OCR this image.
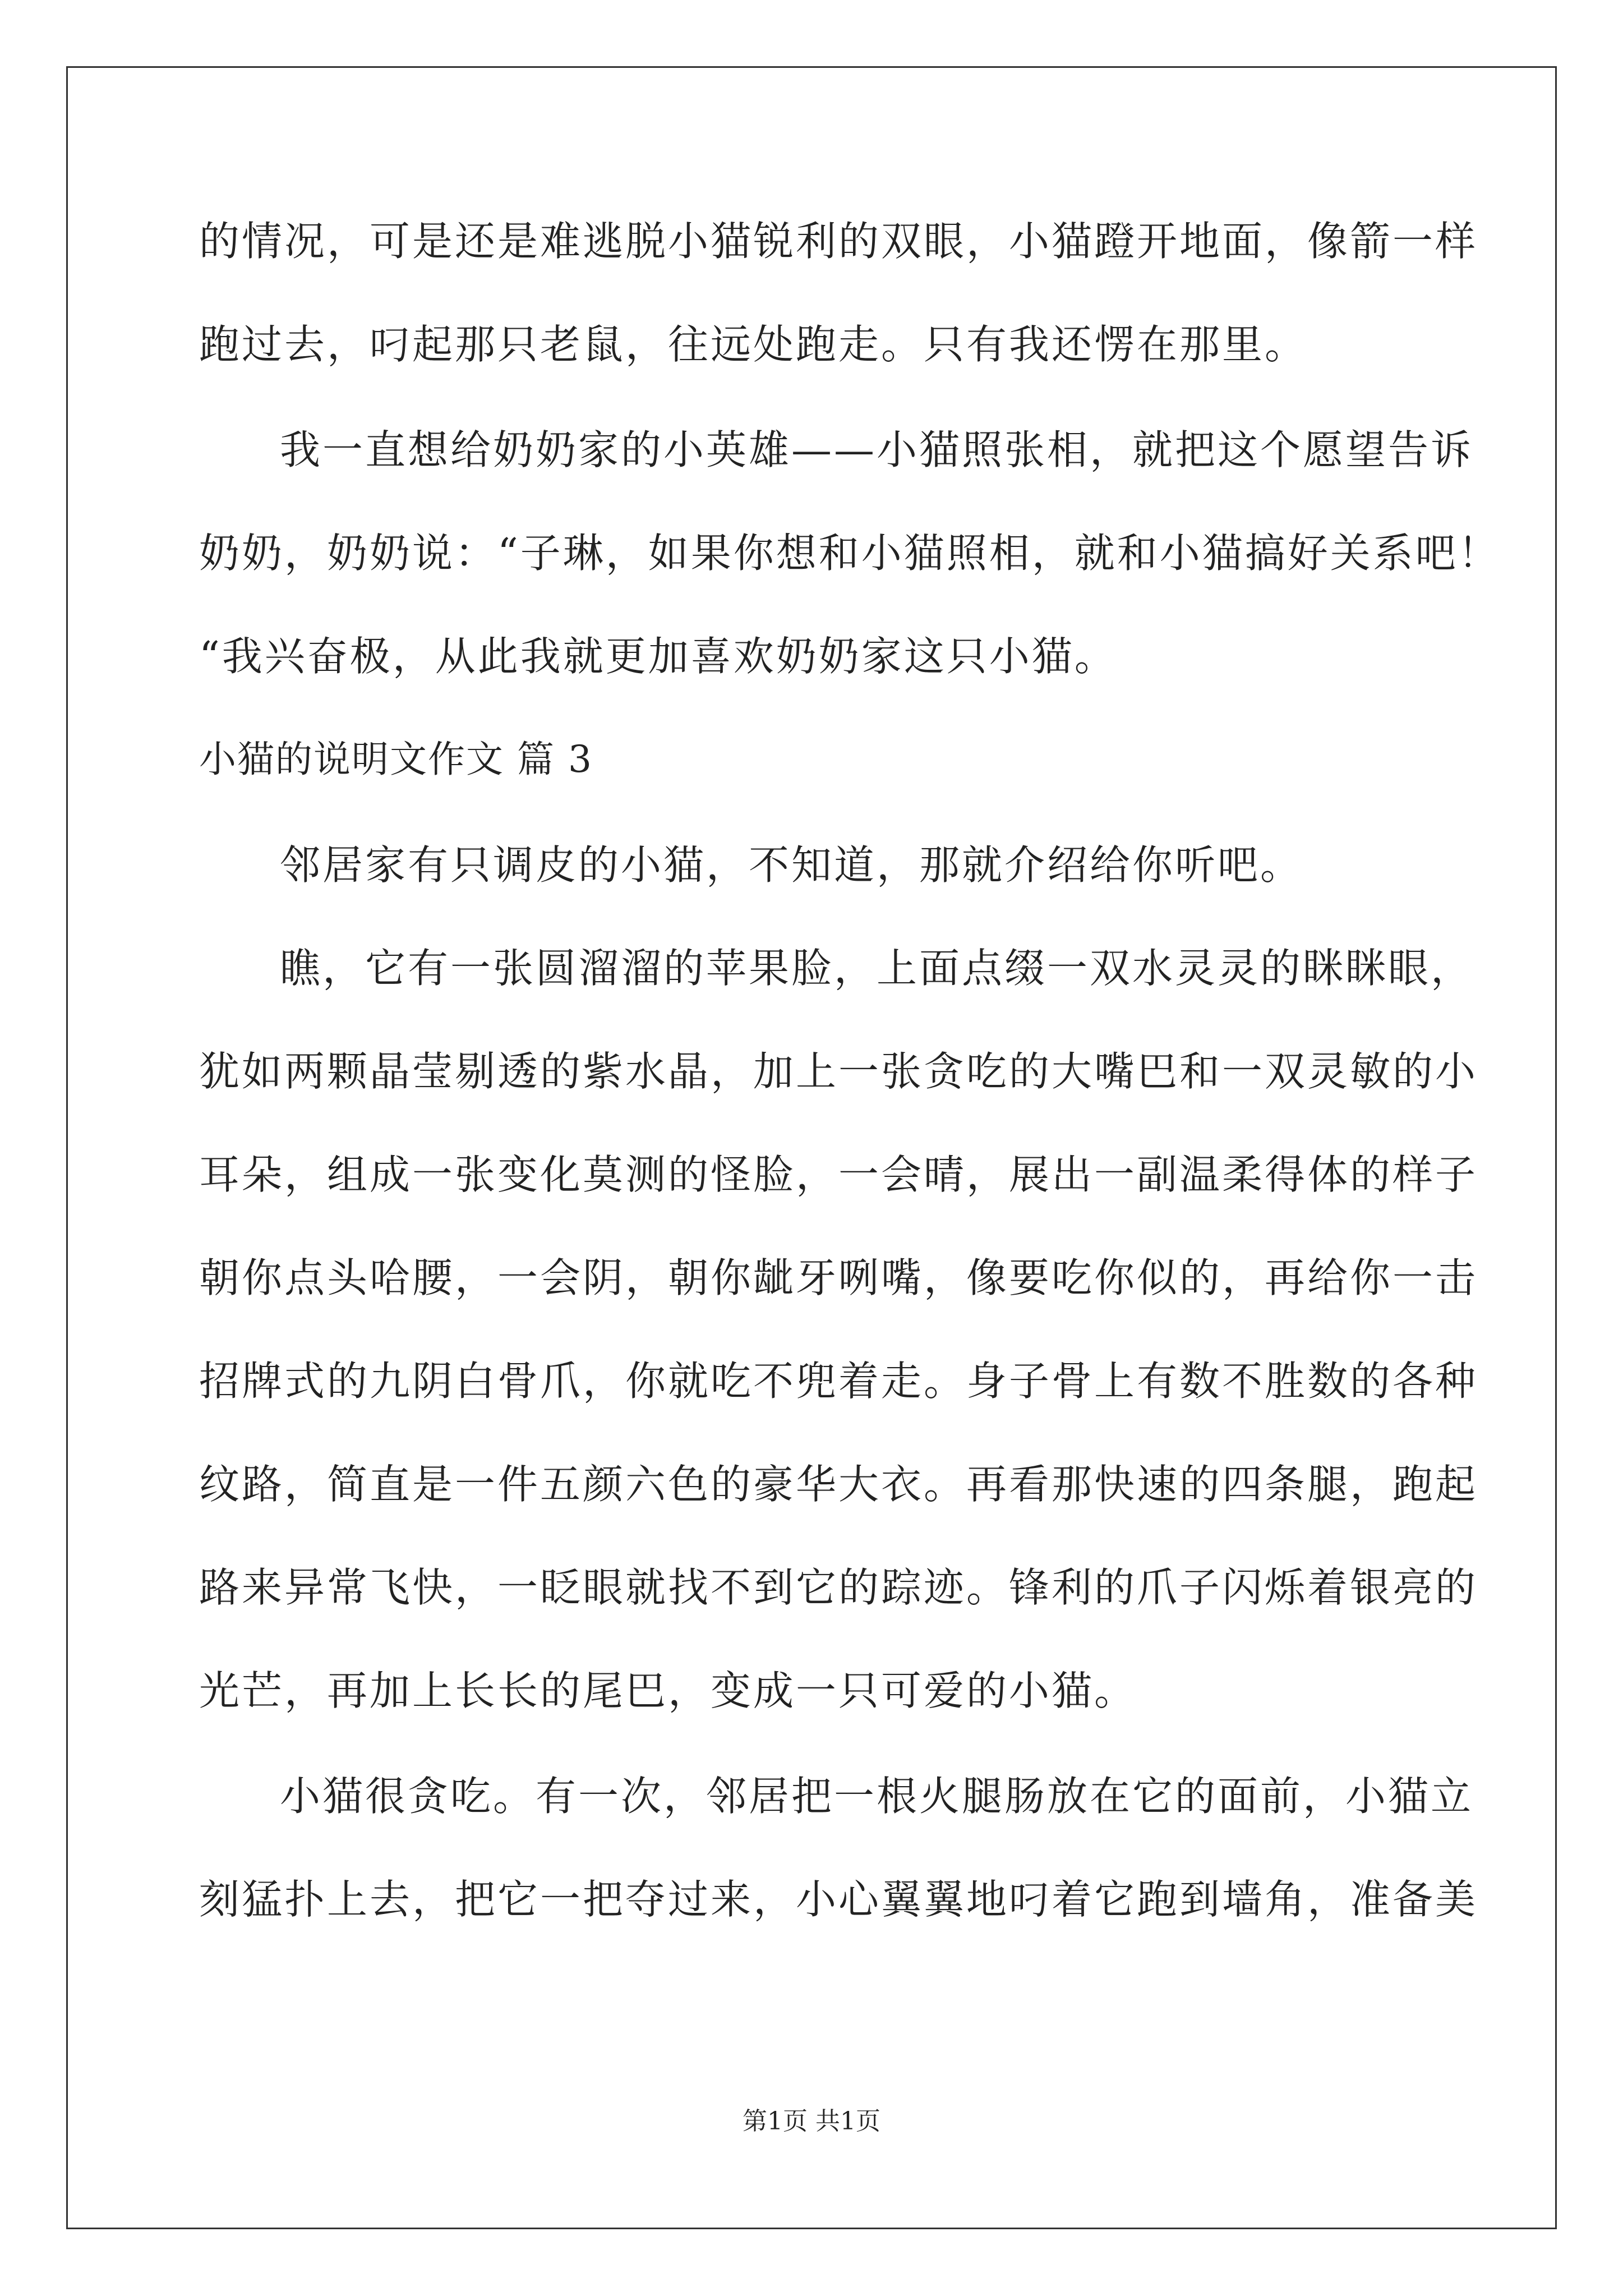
的情况，可是还是难逃脱小猫锐利的双眼，小猫蹬开地面，像箭一样
跑过去，叼起那只老鼠，往远处跑走。只有我还愣在那里。
我一直想给奶奶家的小英雄——小猫照张相，就把这个愿望告诉
奶奶，奶奶说：“子琳，如果你想和小猫照相，就和小猫搞好关系吧！
“我兴奋极，从此我就更加喜欢奶奶家这只小猫。
小猫的说明文作文 篇 3
邻居家有只调皮的小猫，不知道，那就介绍给你听吧。
瞧，它有一张圆溜溜的苹果脸，上面点缀一双水灵灵的眯眯眼，
犹如两颗晶莹剔透的紫水晶，加上一张贪吃的大嘴巴和一双灵敏的小
耳朵，组成一张变化莫测的怪脸，一会晴，展出一副温柔得体的样子
朝你点头哈腰，一会阴，朝你龇牙咧嘴，像要吃你似的，再给你一击
招牌式的九阴白骨爪，你就吃不兜着走。身子骨上有数不胜数的各种
纹路，简直是一件五颜六色的豪华大衣。再看那快速的四条腿，跑起
路来异常飞快，一眨眼就找不到它的踪迹。锋利的爪子闪烁着银亮的
光芒，再加上长长的尾巴，变成一只可爱的小猫。
小猫很贪吃。有一次，邻居把一根火腿肠放在它的面前，小猫立
刻猛扑上去，把它一把夺过来，小心翼翼地叼着它跑到墙角，准备美
第1页 共1页
